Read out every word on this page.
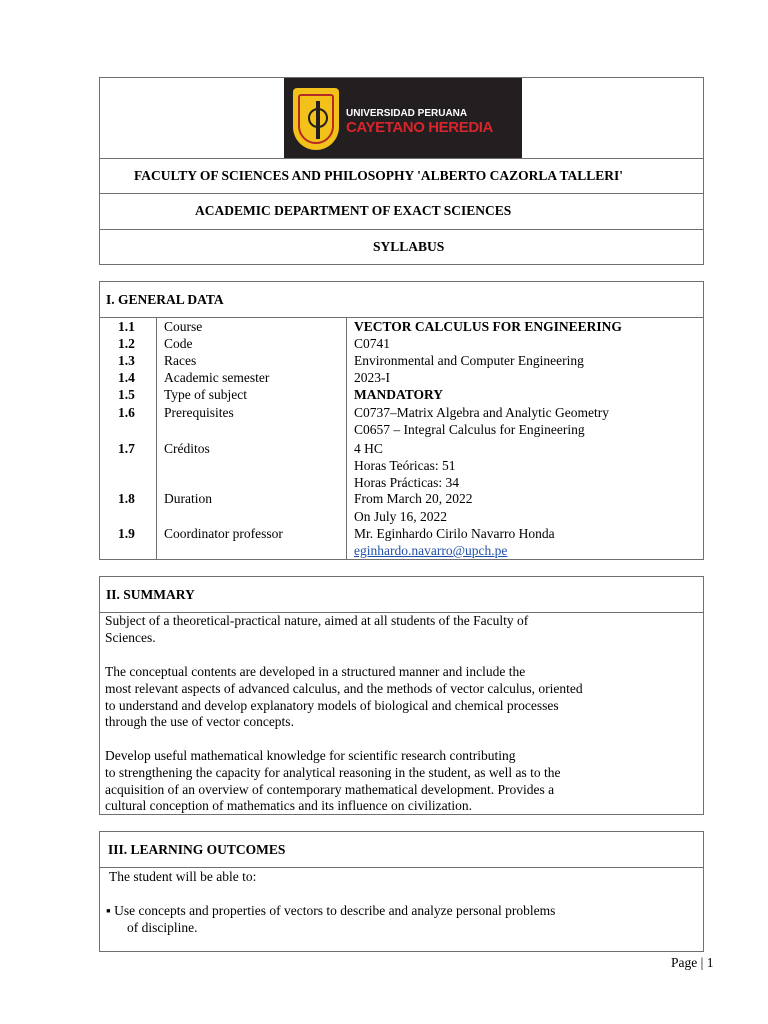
UNIVERSIDAD PERUANA
CAYETANO HEREDIA
FACULTY OF SCIENCES AND PHILOSOPHY 'ALBERTO CAZORLA TALLERI'
ACADEMIC DEPARTMENT OF EXACT SCIENCES
SYLLABUS
I. GENERAL DATA
1.1	Course	VECTOR CALCULUS FOR ENGINEERING
1.2	Code	C0741
1.3	Races	Environmental and Computer Engineering
1.4	Academic semester	2023-I
1.5	Type of subject	MANDATORY
1.6	Prerequisites	C0737–Matrix Algebra and Analytic Geometry
C0657 – Integral Calculus for Engineering
1.7	Créditos	4 HC
Horas Teóricas: 51
Horas Prácticas: 34
1.8	Duration	From March 20, 2022
On July 16, 2022
1.9	Coordinator professor	Mr. Eginhardo Cirilo Navarro Honda
eginhardo.navarro@upch.pe
II. SUMMARY
Subject of a theoretical-practical nature, aimed at all students of the Faculty of
Sciences.
The conceptual contents are developed in a structured manner and include the
most relevant aspects of advanced calculus, and the methods of vector calculus, oriented
to understand and develop explanatory models of biological and chemical processes
through the use of vector concepts.
Develop useful mathematical knowledge for scientific research contributing
to strengthening the capacity for analytical reasoning in the student, as well as to the
acquisition of an overview of contemporary mathematical development. Provides a
cultural conception of mathematics and its influence on civilization.
III. LEARNING OUTCOMES
The student will be able to:
▪ Use concepts and properties of vectors to describe and analyze personal problems
of discipline.
Page | 1
